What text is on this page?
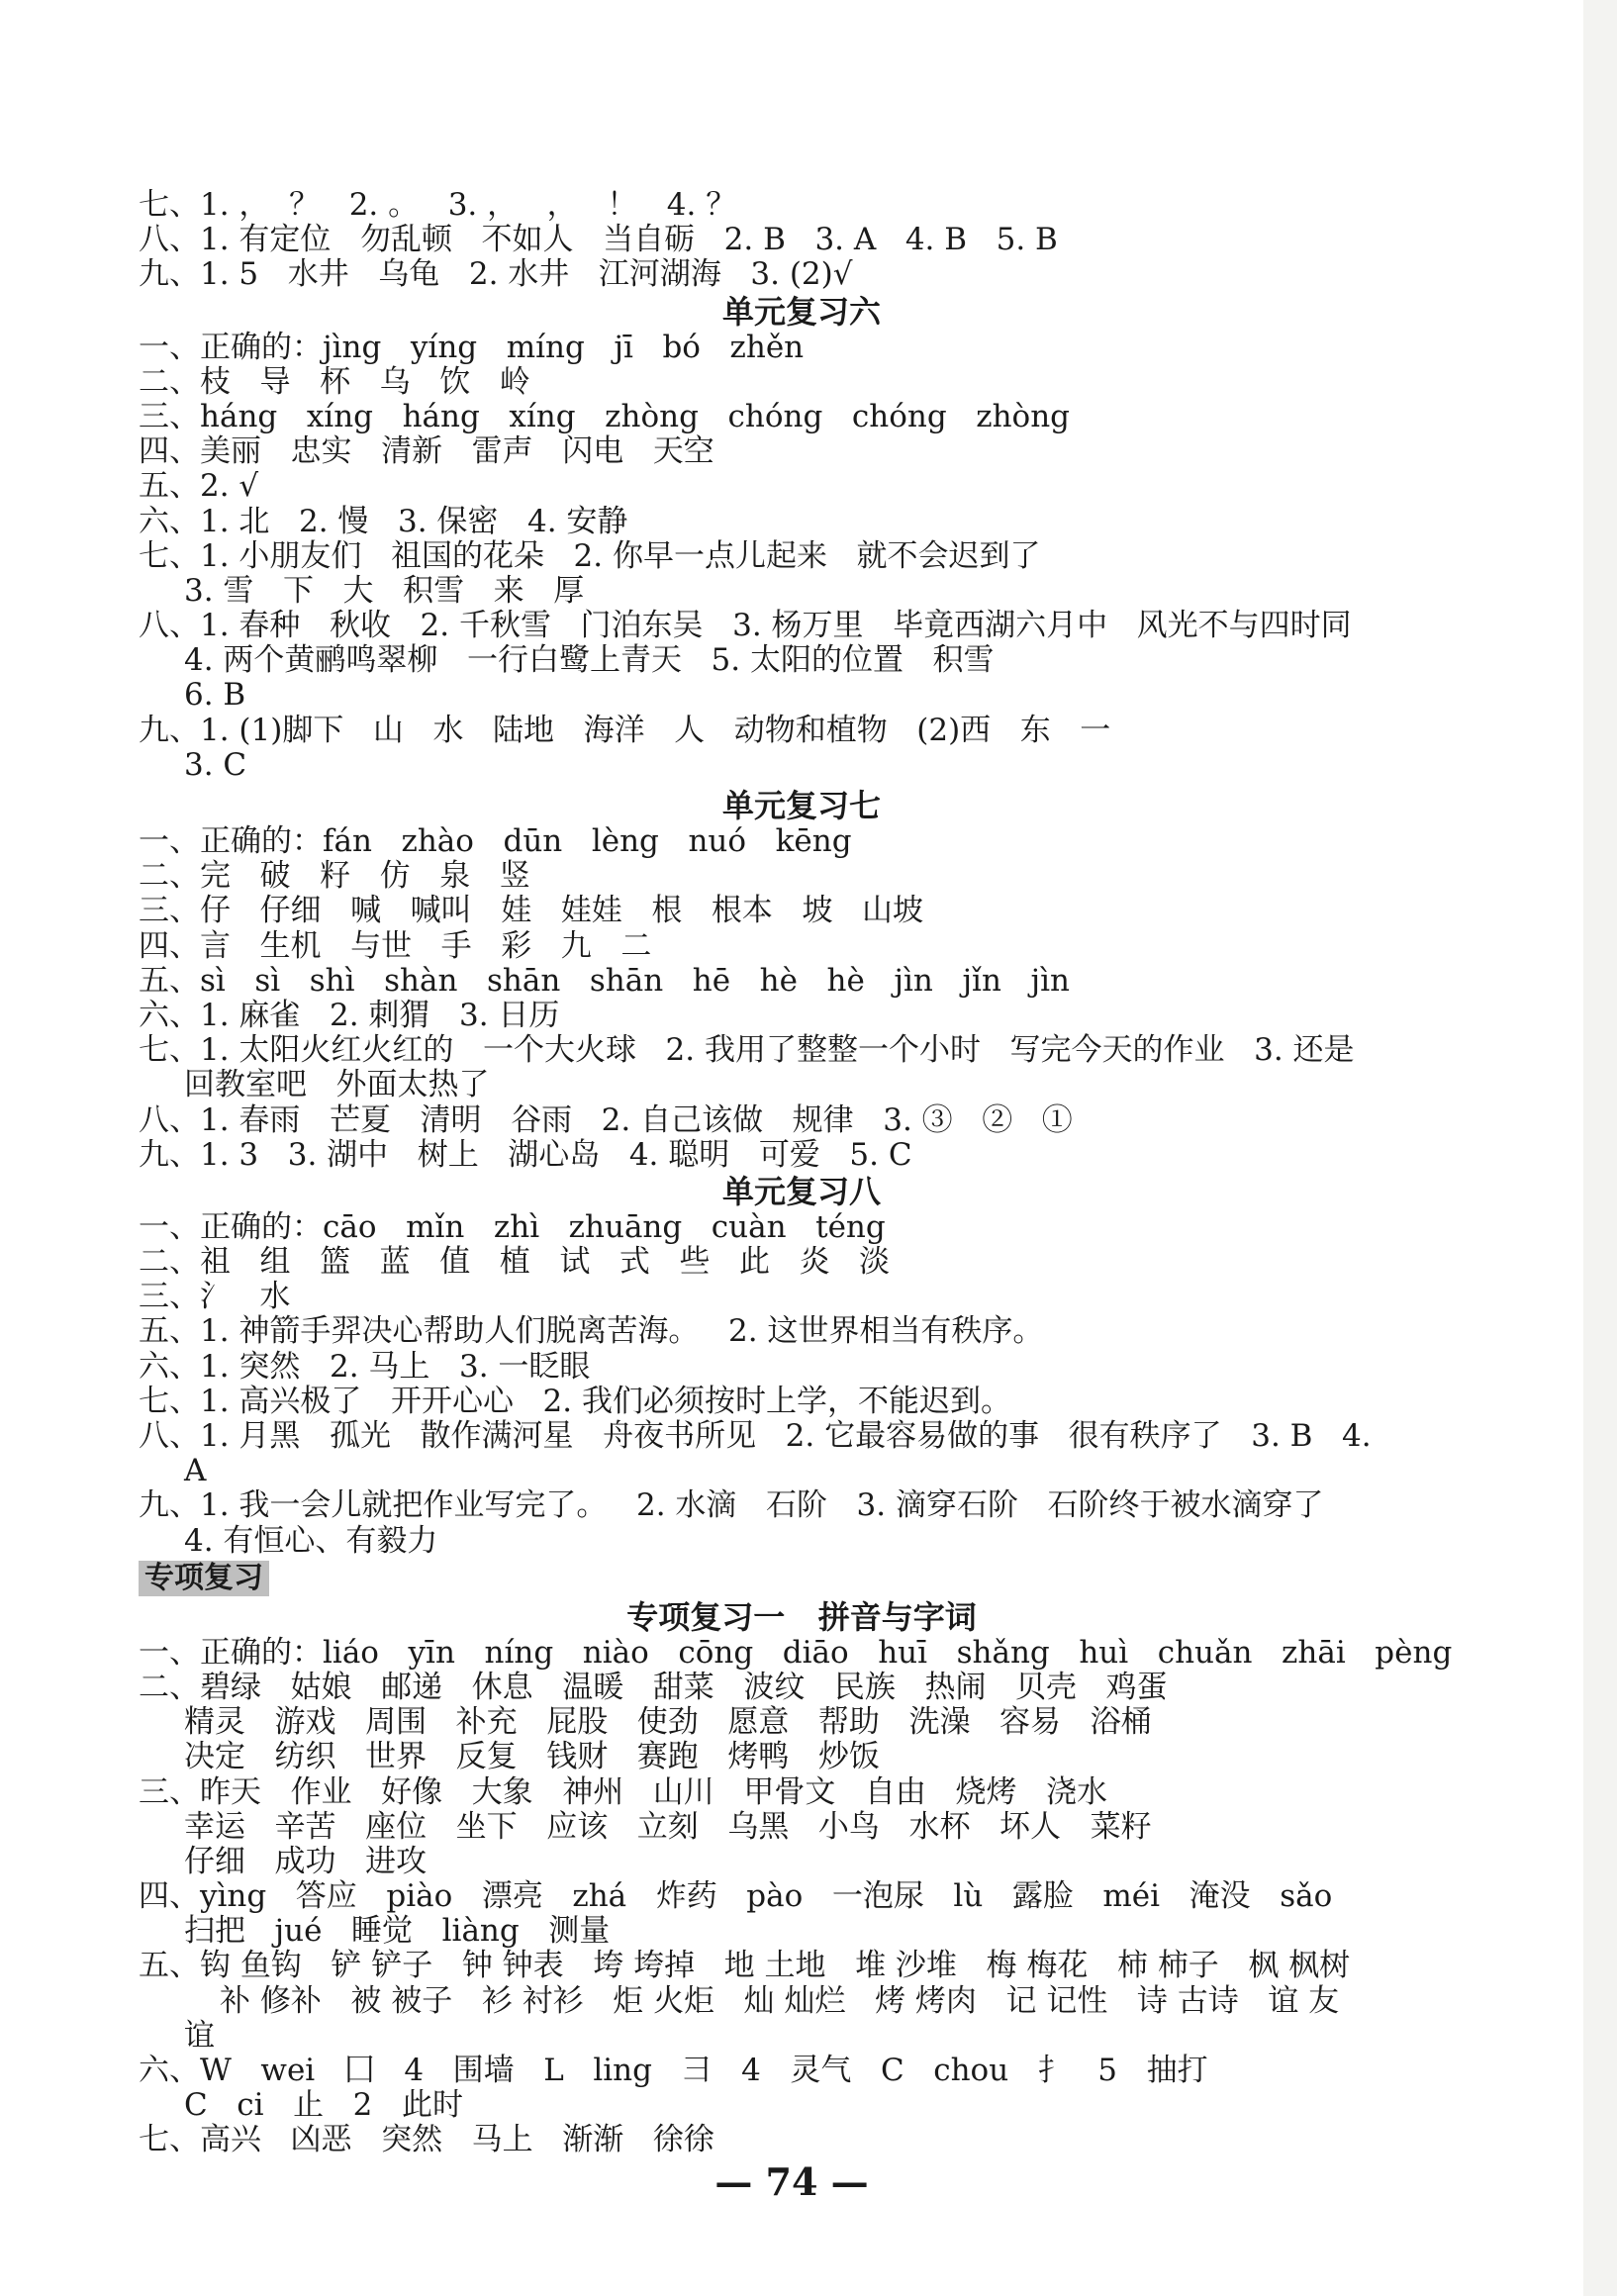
七、1. ，  ？   2. 。   3. ，   ，   ！   4. ？
八、1. 有定位   勿乱顿   不如人   当自砺   2. B   3. A   4. B   5. B
九、1. 5   水井   乌龟   2. 水井   江河湖海   3. (2)√
单元复习六
一、正确的：jìng   yíng   míng   jī   bó   zhěn
二、枝   导   杯   乌   饮   岭
三、háng   xíng   háng   xíng   zhòng   chóng   chóng   zhòng
四、美丽   忠实   清新   雷声   闪电   天空
五、2. √
六、1. 北   2. 慢   3. 保密   4. 安静
七、1. 小朋友们   祖国的花朵   2. 你早一点儿起来   就不会迟到了
3. 雪   下   大   积雪   来   厚
八、1. 春种   秋收   2. 千秋雪   门泊东吴   3. 杨万里   毕竟西湖六月中   风光不与四时同
4. 两个黄鹂鸣翠柳   一行白鹭上青天   5. 太阳的位置   积雪
6. B
九、1. (1)脚下   山   水   陆地   海洋   人   动物和植物   (2)西   东   一
3. C
单元复习七
一、正确的：fán   zhào   dūn   lèng   nuó   kēng
二、完   破   籽   仿   泉   竖
三、仔   仔细   喊   喊叫   娃   娃娃   根   根本   坡   山坡
四、言   生机   与世   手   彩   九   二
五、sì   sì   shì   shàn   shān   shān   hē   hè   hè   jìn   jǐn   jìn
六、1. 麻雀   2. 刺猬   3. 日历
七、1. 太阳火红火红的   一个大火球   2. 我用了整整一个小时   写完今天的作业   3. 还是
回教室吧   外面太热了
八、1. 春雨   芒夏   清明   谷雨   2. 自己该做   规律   3. ③   ②   ①
九、1. 3   3. 湖中   树上   湖心岛   4. 聪明   可爱   5. C
单元复习八
一、正确的：cāo   mǐn   zhì   zhuāng   cuàn   téng
二、祖   组   篮   蓝   值   植   试   式   些   此   炎   淡
三、氵   水
五、1. 神箭手羿决心帮助人们脱离苦海。   2. 这世界相当有秩序。
六、1. 突然   2. 马上   3. 一眨眼
七、1. 高兴极了   开开心心   2. 我们必须按时上学，不能迟到。
八、1. 月黑   孤光   散作满河星   舟夜书所见   2. 它最容易做的事   很有秩序了   3. B   4.
A
九、1. 我一会儿就把作业写完了。   2. 水滴   石阶   3. 滴穿石阶   石阶终于被水滴穿了
4. 有恒心、有毅力
专项复习
专项复习一   拼音与字词
一、正确的：liáo   yīn   níng   niào   cōng   diāo   huī   shǎng   huì   chuǎn   zhāi   pèng
二、碧绿   姑娘   邮递   休息   温暖   甜菜   波纹   民族   热闹   贝壳   鸡蛋
精灵   游戏   周围   补充   屁股   使劲   愿意   帮助   洗澡   容易   浴桶
决定   纺织   世界   反复   钱财   赛跑   烤鸭   炒饭
三、昨天   作业   好像   大象   神州   山川   甲骨文   自由   烧烤   浇水
幸运   辛苦   座位   坐下   应该   立刻   乌黑   小鸟   水杯   坏人   菜籽
仔细   成功   进攻
四、yìng   答应   piào   漂亮   zhá   炸药   pào   一泡尿   lù   露脸   méi   淹没   sǎo
扫把   jué   睡觉   liàng   测量
五、钩 鱼钩   铲 铲子   钟 钟表   垮 垮掉   地 土地   堆 沙堆   梅 梅花   柿 柿子   枫 枫树
补 修补   被 被子   衫 衬衫   炬 火炬   灿 灿烂   烤 烤肉   记 记性   诗 古诗   谊 友
谊
六、W   wei   囗   4   围墙   L   ling   彐   4   灵气   C   chou   扌   5   抽打
C   ci   止   2   此时
七、高兴   凶恶   突然   马上   渐渐   徐徐
— 74 —
